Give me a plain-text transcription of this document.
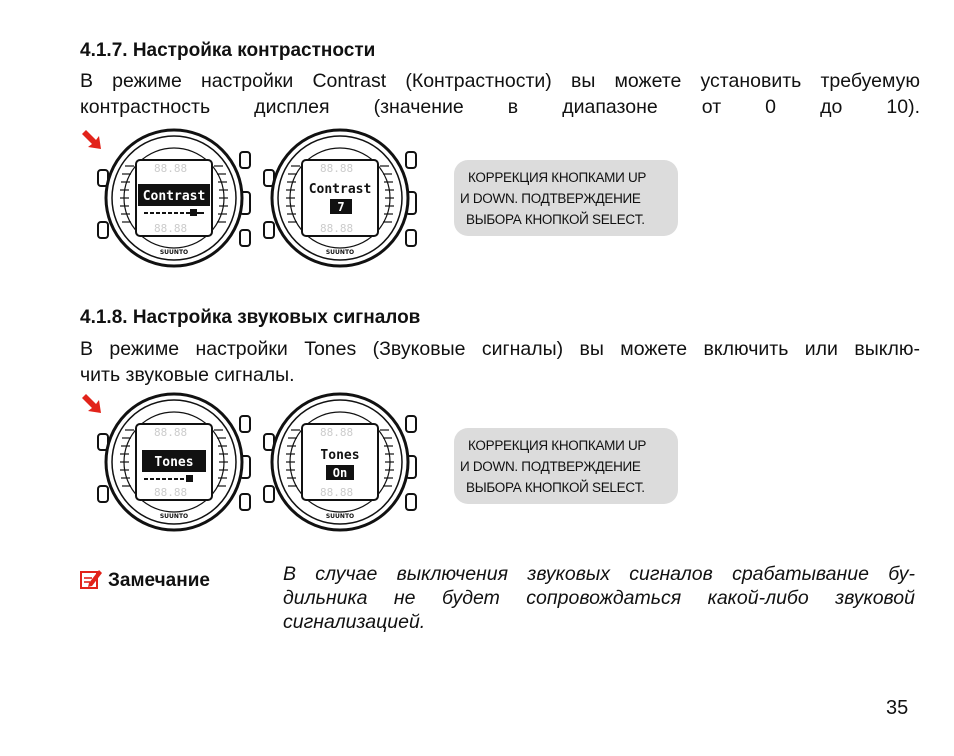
4.1.7. Настройка контрастности
В режиме настройки Contrast (Контрастности) вы можете установить требуемую
контрастность дисплея (значение в диапазоне от 0 до 10).
88.88
Contrast
88.88
SUUNTO
88.88
Contrast
7
88.88
SUUNTO
КОРРЕКЦИЯ КНОПКАМИ UP
И DOWN. ПОДТВЕРЖДЕНИЕ
ВЫБОРА КНОПКОЙ SELECT.
4.1.8. Настройка звуковых сигналов
В режиме настройки Tones (Звуковые сигналы) вы можете включить или выклю-
чить звуковые сигналы.
88.88
Tones
88.88
SUUNTO
88.88
Tones
On
88.88
SUUNTO
КОРРЕКЦИЯ КНОПКАМИ UP
И DOWN. ПОДТВЕРЖДЕНИЕ
ВЫБОРА КНОПКОЙ SELECT.
Замечание	В случае выключения звуковых сигналов срабатывание бу-
дильника не будет сопровождаться какой-либо звуковой
сигнализацией.
35
